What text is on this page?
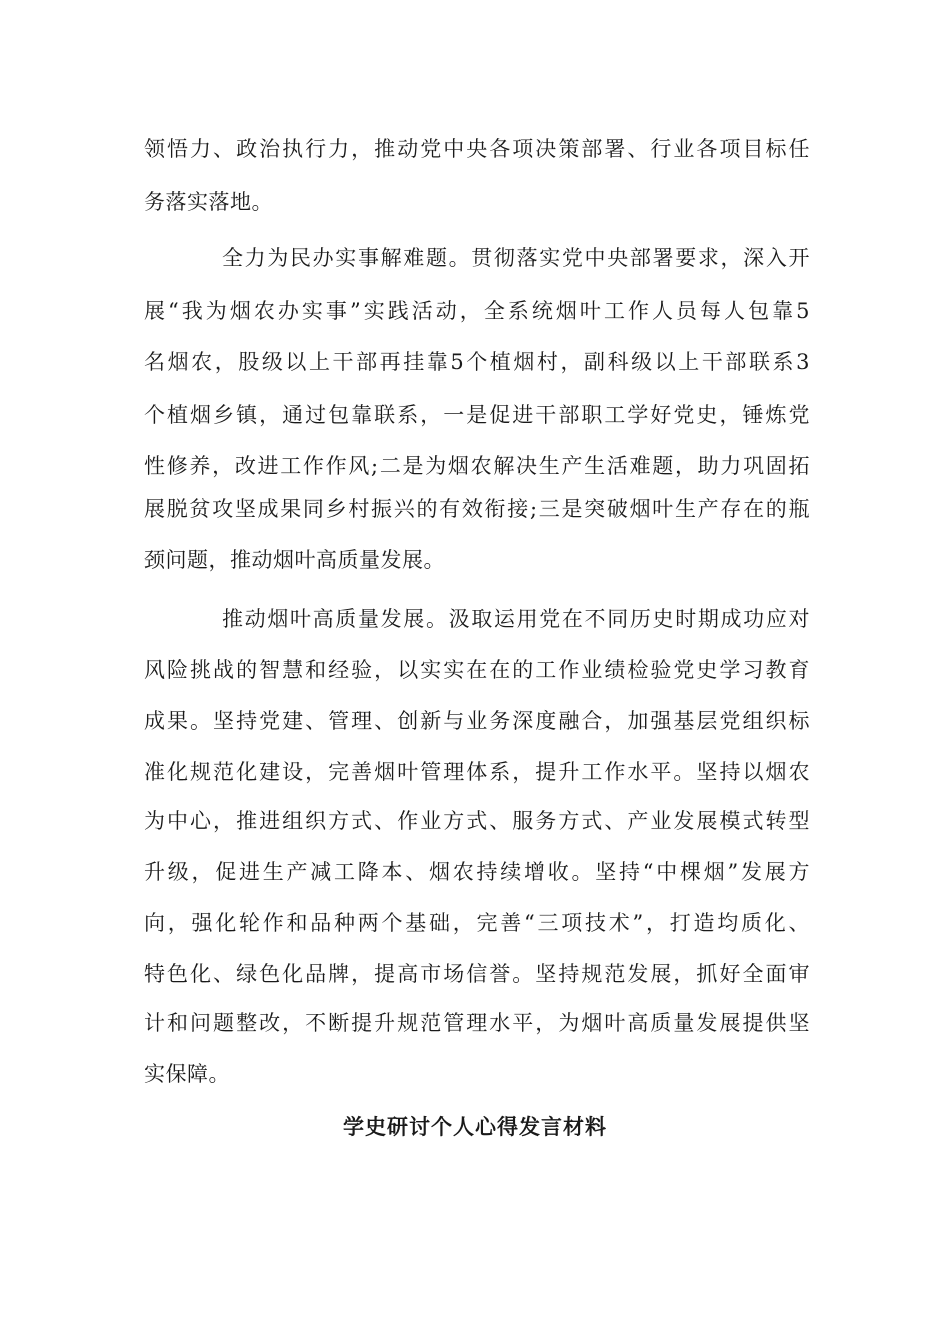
领悟力、政治执行力，推动党中央各项决策部署、行业各项目标任
务落实落地。
全力为民办实事解难题。贯彻落实党中央部署要求，深入开
展“我为烟农办实事”实践活动，全系统烟叶工作人员每人包靠5
名烟农，股级以上干部再挂靠5个植烟村，副科级以上干部联系3
个植烟乡镇，通过包靠联系，一是促进干部职工学好党史，锤炼党
性修养，改进工作作风;二是为烟农解决生产生活难题，助力巩固拓
展脱贫攻坚成果同乡村振兴的有效衔接;三是突破烟叶生产存在的瓶
颈问题，推动烟叶高质量发展。
推动烟叶高质量发展。汲取运用党在不同历史时期成功应对
风险挑战的智慧和经验，以实实在在的工作业绩检验党史学习教育
成果。坚持党建、管理、创新与业务深度融合，加强基层党组织标
准化规范化建设，完善烟叶管理体系，提升工作水平。坚持以烟农
为中心，推进组织方式、作业方式、服务方式、产业发展模式转型
升级，促进生产减工降本、烟农持续增收。坚持“中棵烟”发展方
向，强化轮作和品种两个基础，完善“三项技术”，打造均质化、
特色化、绿色化品牌，提高市场信誉。坚持规范发展，抓好全面审
计和问题整改，不断提升规范管理水平，为烟叶高质量发展提供坚
实保障。
学史研讨个人心得发言材料
